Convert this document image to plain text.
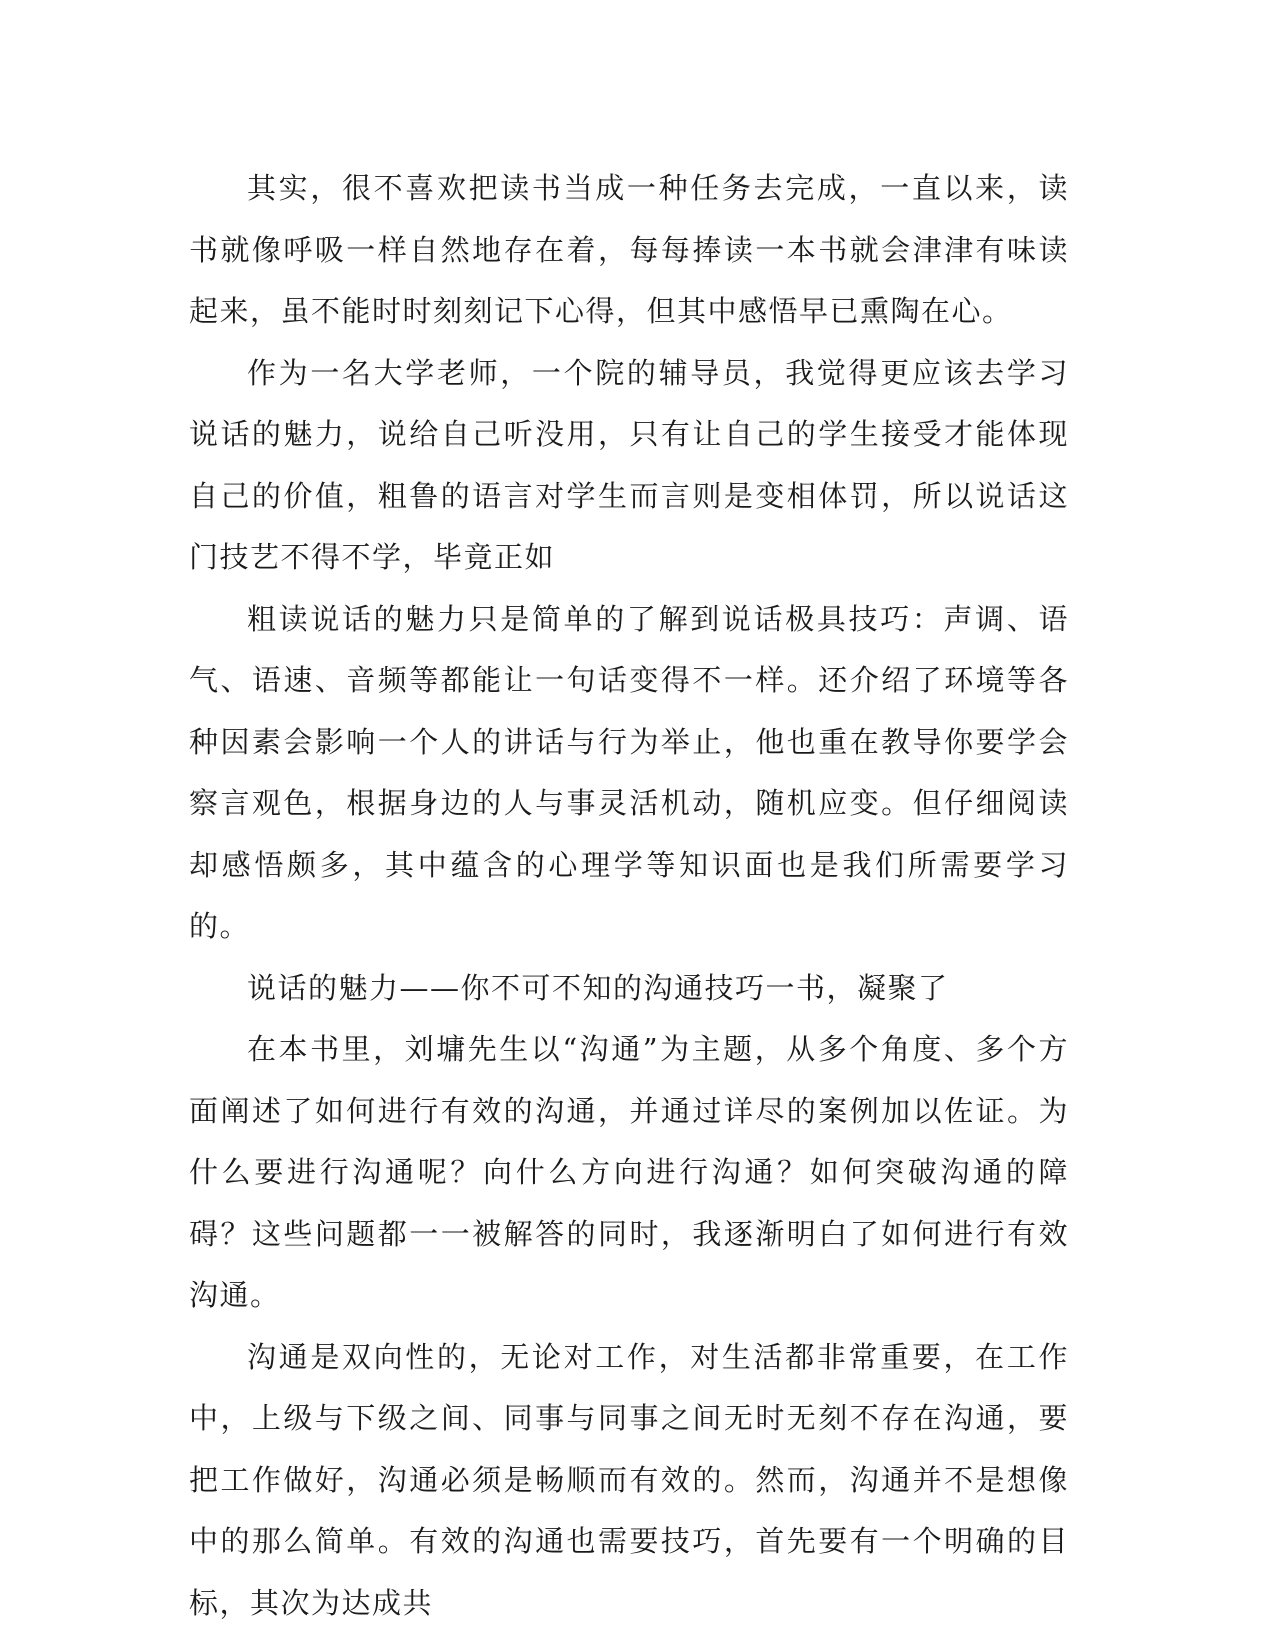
其实，很不喜欢把读书当成一种任务去完成，一直以来，读书就像呼吸一样自然地存在着，每每捧读一本书就会津津有味读起来，虽不能时时刻刻记下心得，但其中感悟早已熏陶在心。

作为一名大学老师，一个院的辅导员，我觉得更应该去学习说话的魅力，说给自己听没用，只有让自己的学生接受才能体现自己的价值，粗鲁的语言对学生而言则是变相体罚，所以说话这门技艺不得不学，毕竟正如

粗读说话的魅力只是简单的了解到说话极具技巧：声调、语气、语速、音频等都能让一句话变得不一样。还介绍了环境等各种因素会影响一个人的讲话与行为举止，他也重在教导你要学会察言观色，根据身边的人与事灵活机动，随机应变。但仔细阅读却感悟颇多，其中蕴含的心理学等知识面也是我们所需要学习的。

说话的魅力——你不可不知的沟通技巧一书，凝聚了

在本书里，刘墉先生以“沟通”为主题，从多个角度、多个方面阐述了如何进行有效的沟通，并通过详尽的案例加以佐证。为什么要进行沟通呢？向什么方向进行沟通？如何突破沟通的障碍？这些问题都一一被解答的同时，我逐渐明白了如何进行有效沟通。

沟通是双向性的，无论对工作，对生活都非常重要，在工作中，上级与下级之间、同事与同事之间无时无刻不存在沟通，要把工作做好，沟通必须是畅顺而有效的。然而，沟通并不是想像中的那么简单。有效的沟通也需要技巧，首先要有一个明确的目标，其次为达成共
